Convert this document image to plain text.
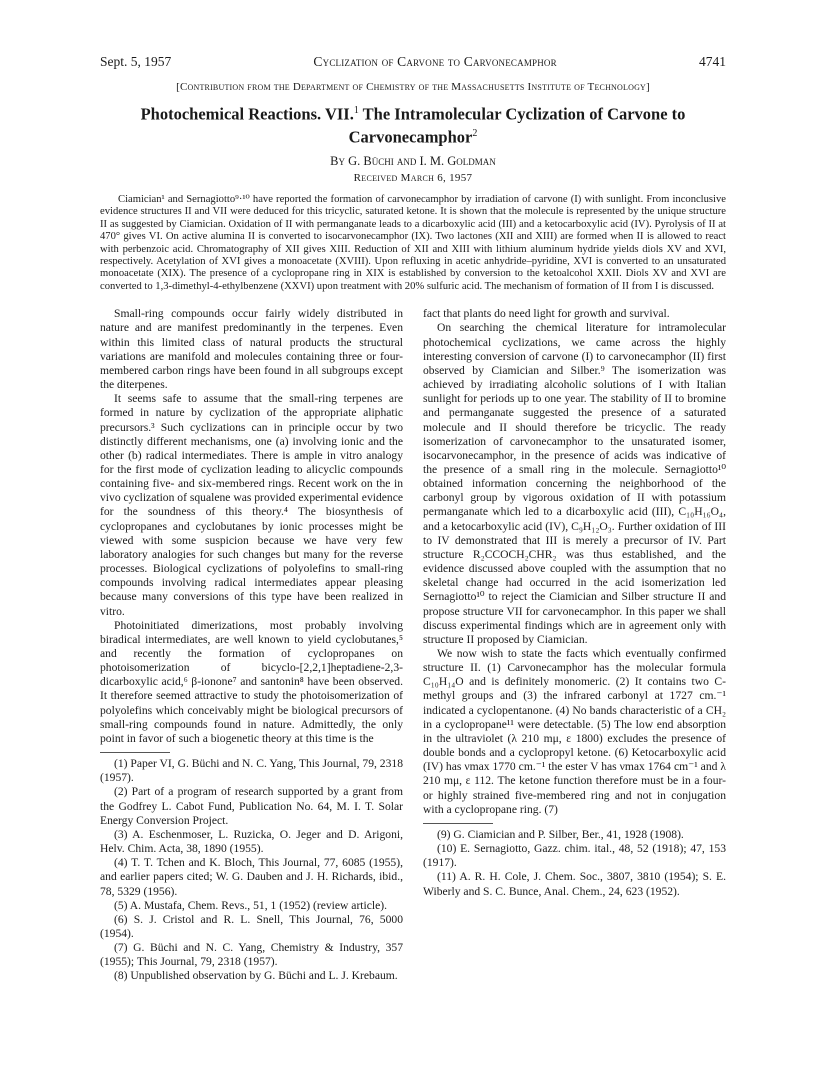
Sept. 5, 1957	Cyclization of Carvone to Carvonecamphor	4741
[Contribution from the Department of Chemistry of the Massachusetts Institute of Technology]
Photochemical Reactions. VII.$^1$ The Intramolecular Cyclization of Carvone to Carvonecamphor$^2$
By G. Büchi and I. M. Goldman
Received March 6, 1957
Ciamician¹ and Sernagiotto⁹·¹⁰ have reported the formation of carvonecamphor by irradiation of carvone (I) with sunlight. From inconclusive evidence structures II and VII were deduced for this tricyclic, saturated ketone. It is shown that the molecule is represented by the unique structure II as suggested by Ciamician. Oxidation of II with permanganate leads to a dicarboxylic acid (III) and a ketocarboxylic acid (IV). Pyrolysis of II at 470° gives VI. On active alumina II is converted to isocarvonecamphor (IX). Two lactones (XII and XIII) are formed when II is allowed to react with perbenzoic acid. Chromatography of XII gives XIII. Reduction of XII and XIII with lithium aluminum hydride yields diols XV and XVI, respectively. Acetylation of XVI gives a monoacetate (XVIII). Upon refluxing in acetic anhydride–pyridine, XVI is converted to an unsaturated monoacetate (XIX). The presence of a cyclopropane ring in XIX is established by conversion to the ketoalcohol XXII. Diols XV and XVI are converted to 1,3-dimethyl-4-ethylbenzene (XXVI) upon treatment with 20% sulfuric acid. The mechanism of formation of II from I is discussed.

Small-ring compounds occur fairly widely distributed in nature and are manifest predominantly in the terpenes. Even within this limited class of natural products the structural variations are manifold and molecules containing three or four-membered carbon rings have been found in all subgroups except the diterpenes.

It seems safe to assume that the small-ring terpenes are formed in nature by cyclization of the appropriate aliphatic precursors.³ Such cyclizations can in principle occur by two distinctly different mechanisms, one (a) involving ionic and the other (b) radical intermediates. There is ample in vitro analogy for the first mode of cyclization leading to alicyclic compounds containing five- and six-membered rings. Recent work on the in vivo cyclization of squalene was provided experimental evidence for the soundness of this theory.⁴ The biosynthesis of cyclopropanes and cyclobutanes by ionic processes might be viewed with some suspicion because we have very few laboratory analogies for such changes but many for the reverse processes. Biological cyclizations of polyolefins to small-ring compounds involving radical intermediates appear pleasing because many conversions of this type have been realized in vitro.

Photoinitiated dimerizations, most probably involving biradical intermediates, are well known to yield cyclobutanes,⁵ and recently the formation of cyclopropanes on photoisomerization of bicyclo-[2,2,1]heptadiene-2,3-dicarboxylic acid,⁶ β-ionone⁷ and santonin⁸ have been observed. It therefore seemed attractive to study the photoisomerization of polyolefins which conceivably might be biological precursors of small-ring compounds found in nature. Admittedly, the only point in favor of such a biogenetic theory at this time is the

(1) Paper VI, G. Büchi and N. C. Yang, This Journal, 79, 2318 (1957).

(2) Part of a program of research supported by a grant from the Godfrey L. Cabot Fund, Publication No. 64, M. I. T. Solar Energy Conversion Project.

(3) A. Eschenmoser, L. Ruzicka, O. Jeger and D. Arigoni, Helv. Chim. Acta, 38, 1890 (1955).

(4) T. T. Tchen and K. Bloch, This Journal, 77, 6085 (1955), and earlier papers cited; W. G. Dauben and J. H. Richards, ibid., 78, 5329 (1956).

(5) A. Mustafa, Chem. Revs., 51, 1 (1952) (review article).

(6) S. J. Cristol and R. L. Snell, This Journal, 76, 5000 (1954).

(7) G. Büchi and N. C. Yang, Chemistry & Industry, 357 (1955); This Journal, 79, 2318 (1957).

(8) Unpublished observation by G. Büchi and L. J. Krebaum.

fact that plants do need light for growth and survival.

On searching the chemical literature for intramolecular photochemical cyclizations, we came across the highly interesting conversion of carvone (I) to carvonecamphor (II) first observed by Ciamician and Silber.⁹ The isomerization was achieved by irradiating alcoholic solutions of I with Italian sunlight for periods up to one year. The stability of II to bromine and permanganate suggested the presence of a saturated molecule and II should therefore be tricyclic. The ready isomerization of carvonecamphor to the unsaturated isomer, isocarvonecamphor, in the presence of acids was indicative of the presence of a small ring in the molecule. Sernagiotto¹⁰ obtained information concerning the neighborhood of the carbonyl group by vigorous oxidation of II with potassium permanganate which led to a dicarboxylic acid (III), C₁₀H₁₆O₄, and a ketocarboxylic acid (IV), C₉H₁₂O₃. Further oxidation of III to IV demonstrated that III is merely a precursor of IV. Part structure R₂CCOCH₂CHR₂ was thus established, and the evidence discussed above coupled with the assumption that no skeletal change had occurred in the acid isomerization led Sernagiotto¹⁰ to reject the Ciamician and Silber structure II and propose structure VII for carvonecamphor. In this paper we shall discuss experimental findings which are in agreement only with structure II proposed by Ciamician.

We now wish to state the facts which eventually confirmed structure II. (1) Carvonecamphor has the molecular formula C₁₀H₁₄O and is definitely monomeric. (2) It contains two C-methyl groups and (3) the infrared carbonyl at 1727 cm.⁻¹ indicated a cyclopentanone. (4) No bands characteristic of a CH₂ in a cyclopropane¹¹ were detectable. (5) The low end absorption in the ultraviolet (λ 210 mμ, ε 1800) excludes the presence of double bonds and a cyclopropyl ketone. (6) Ketocarboxylic acid (IV) has νmax 1770 cm.⁻¹ the ester V has νmax 1764 cm⁻¹ and λ 210 mμ, ε 112. The ketone function therefore must be in a four- or highly strained five-membered ring and not in conjugation with a cyclopropane ring. (7)

(9) G. Ciamician and P. Silber, Ber., 41, 1928 (1908).

(10) E. Sernagiotto, Gazz. chim. ital., 48, 52 (1918); 47, 153 (1917).

(11) A. R. H. Cole, J. Chem. Soc., 3807, 3810 (1954); S. E. Wiberly and S. C. Bunce, Anal. Chem., 24, 623 (1952).
